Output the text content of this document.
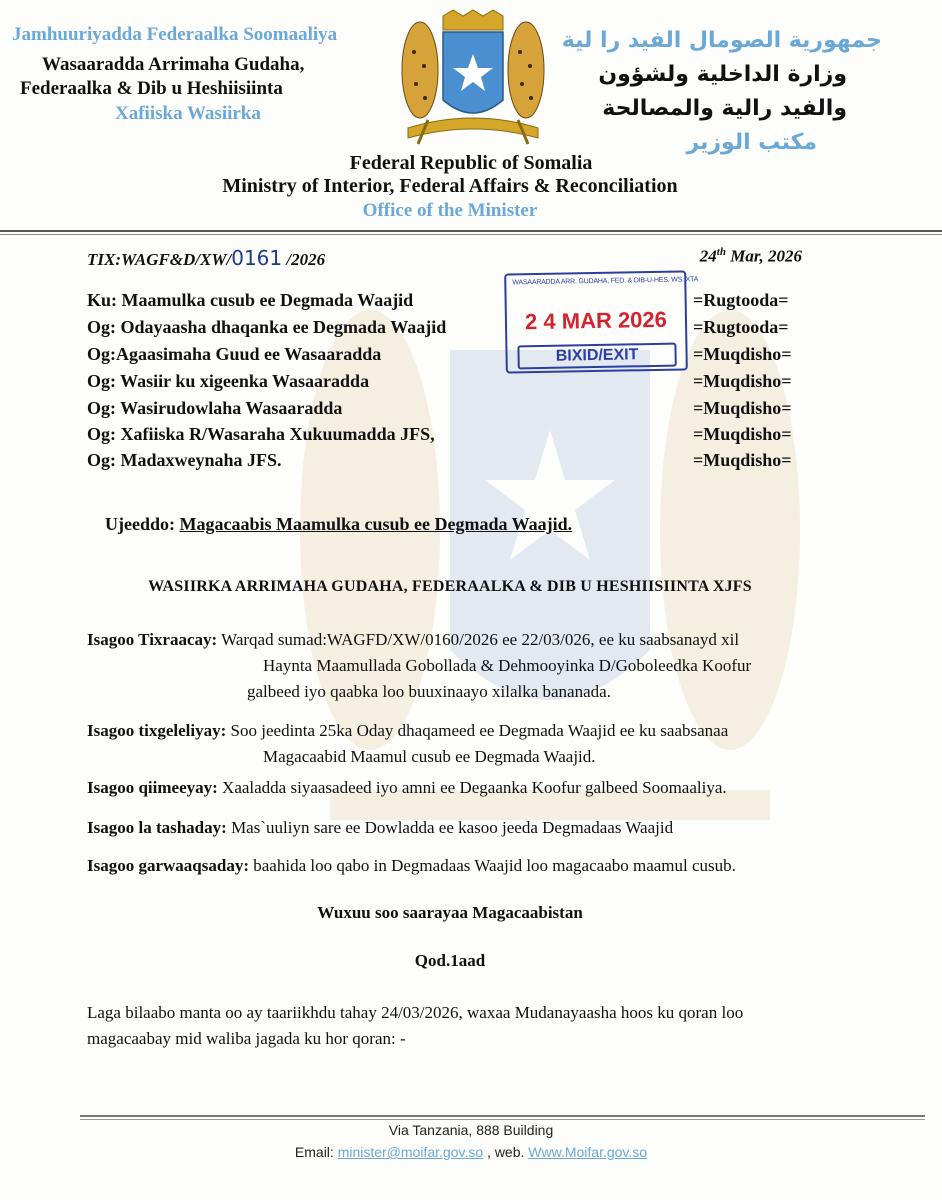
Jamhuuriyadda Federaalka Soomaaliya
Wasaaradda Arrimaha Gudaha,
Federaalka & Dib u Heshiisiinta
Xafiiska Wasiirka
جمهورية الصومال الفيد را لية
وزارة الداخلية ولشؤون
والفيد رالية والمصالحة
مكتب الوزير
Federal Republic of Somalia
Ministry of Interior, Federal Affairs & Reconciliation
Office of the Minister
TIX:WAGF&D/XW/0161 /2026	24th Mar, 2026
Ku: Maamulka cusub ee Degmada Waajid	=Rugtooda=
Og: Odayaasha dhaqanka ee Degmada Waajid	=Rugtooda=
Og:Agaasimaha Guud ee Wasaaradda	=Muqdisho=
Og: Wasiir ku xigeenka Wasaaradda	=Muqdisho=
Og: Wasirudowlaha Wasaaradda	=Muqdisho=
Og: Xafiiska R/Wasaraha Xukuumadda JFS,	=Muqdisho=
Og: Madaxweynaha JFS.	=Muqdisho=
WASAARADDA ARR. GUDAHA, FED. & DIB-U-HES. WS. XTA
2 4 MAR 2026
BIXID/EXIT
Ujeeddo: Magacaabis Maamulka cusub ee Degmada Waajid.
WASIIRKA ARRIMAHA GUDAHA, FEDERAALKA & DIB U HESHIISIINTA XJFS
Isagoo Tixraacay: Warqad sumad:WAGFD/XW/0160/2026 ee 22/03/026, ee ku saabsanayd xil
Haynta Maamullada Gobollada & Dehmooyinka D/Goboleedka Koofur
galbeed iyo qaabka loo buuxinaayo xilalka bananada.
Isagoo tixgeleliyay: Soo jeedinta 25ka Oday dhaqameed ee Degmada Waajid ee ku saabsanaa
Magacaabid Maamul cusub ee Degmada Waajid.
Isagoo qiimeeyay: Xaaladda siyaasadeed iyo amni ee Degaanka Koofur galbeed Soomaaliya.
Isagoo la tashaday: Mas`uuliyn sare ee Dowladda ee kasoo jeeda Degmadaas Waajid
Isagoo garwaaqsaday: baahida loo qabo in Degmadaas Waajid loo magacaabo maamul cusub.
Wuxuu soo saarayaa Magacaabistan
Qod.1aad
Laga bilaabo manta oo ay taariikhdu tahay 24/03/2026, waxaa Mudanayaasha hoos ku qoran loo
magacaabay mid waliba jagada ku hor qoran: -
Via Tanzania, 888 Building
Email: minister@moifar.gov.so , web. Www.Moifar.gov.so
